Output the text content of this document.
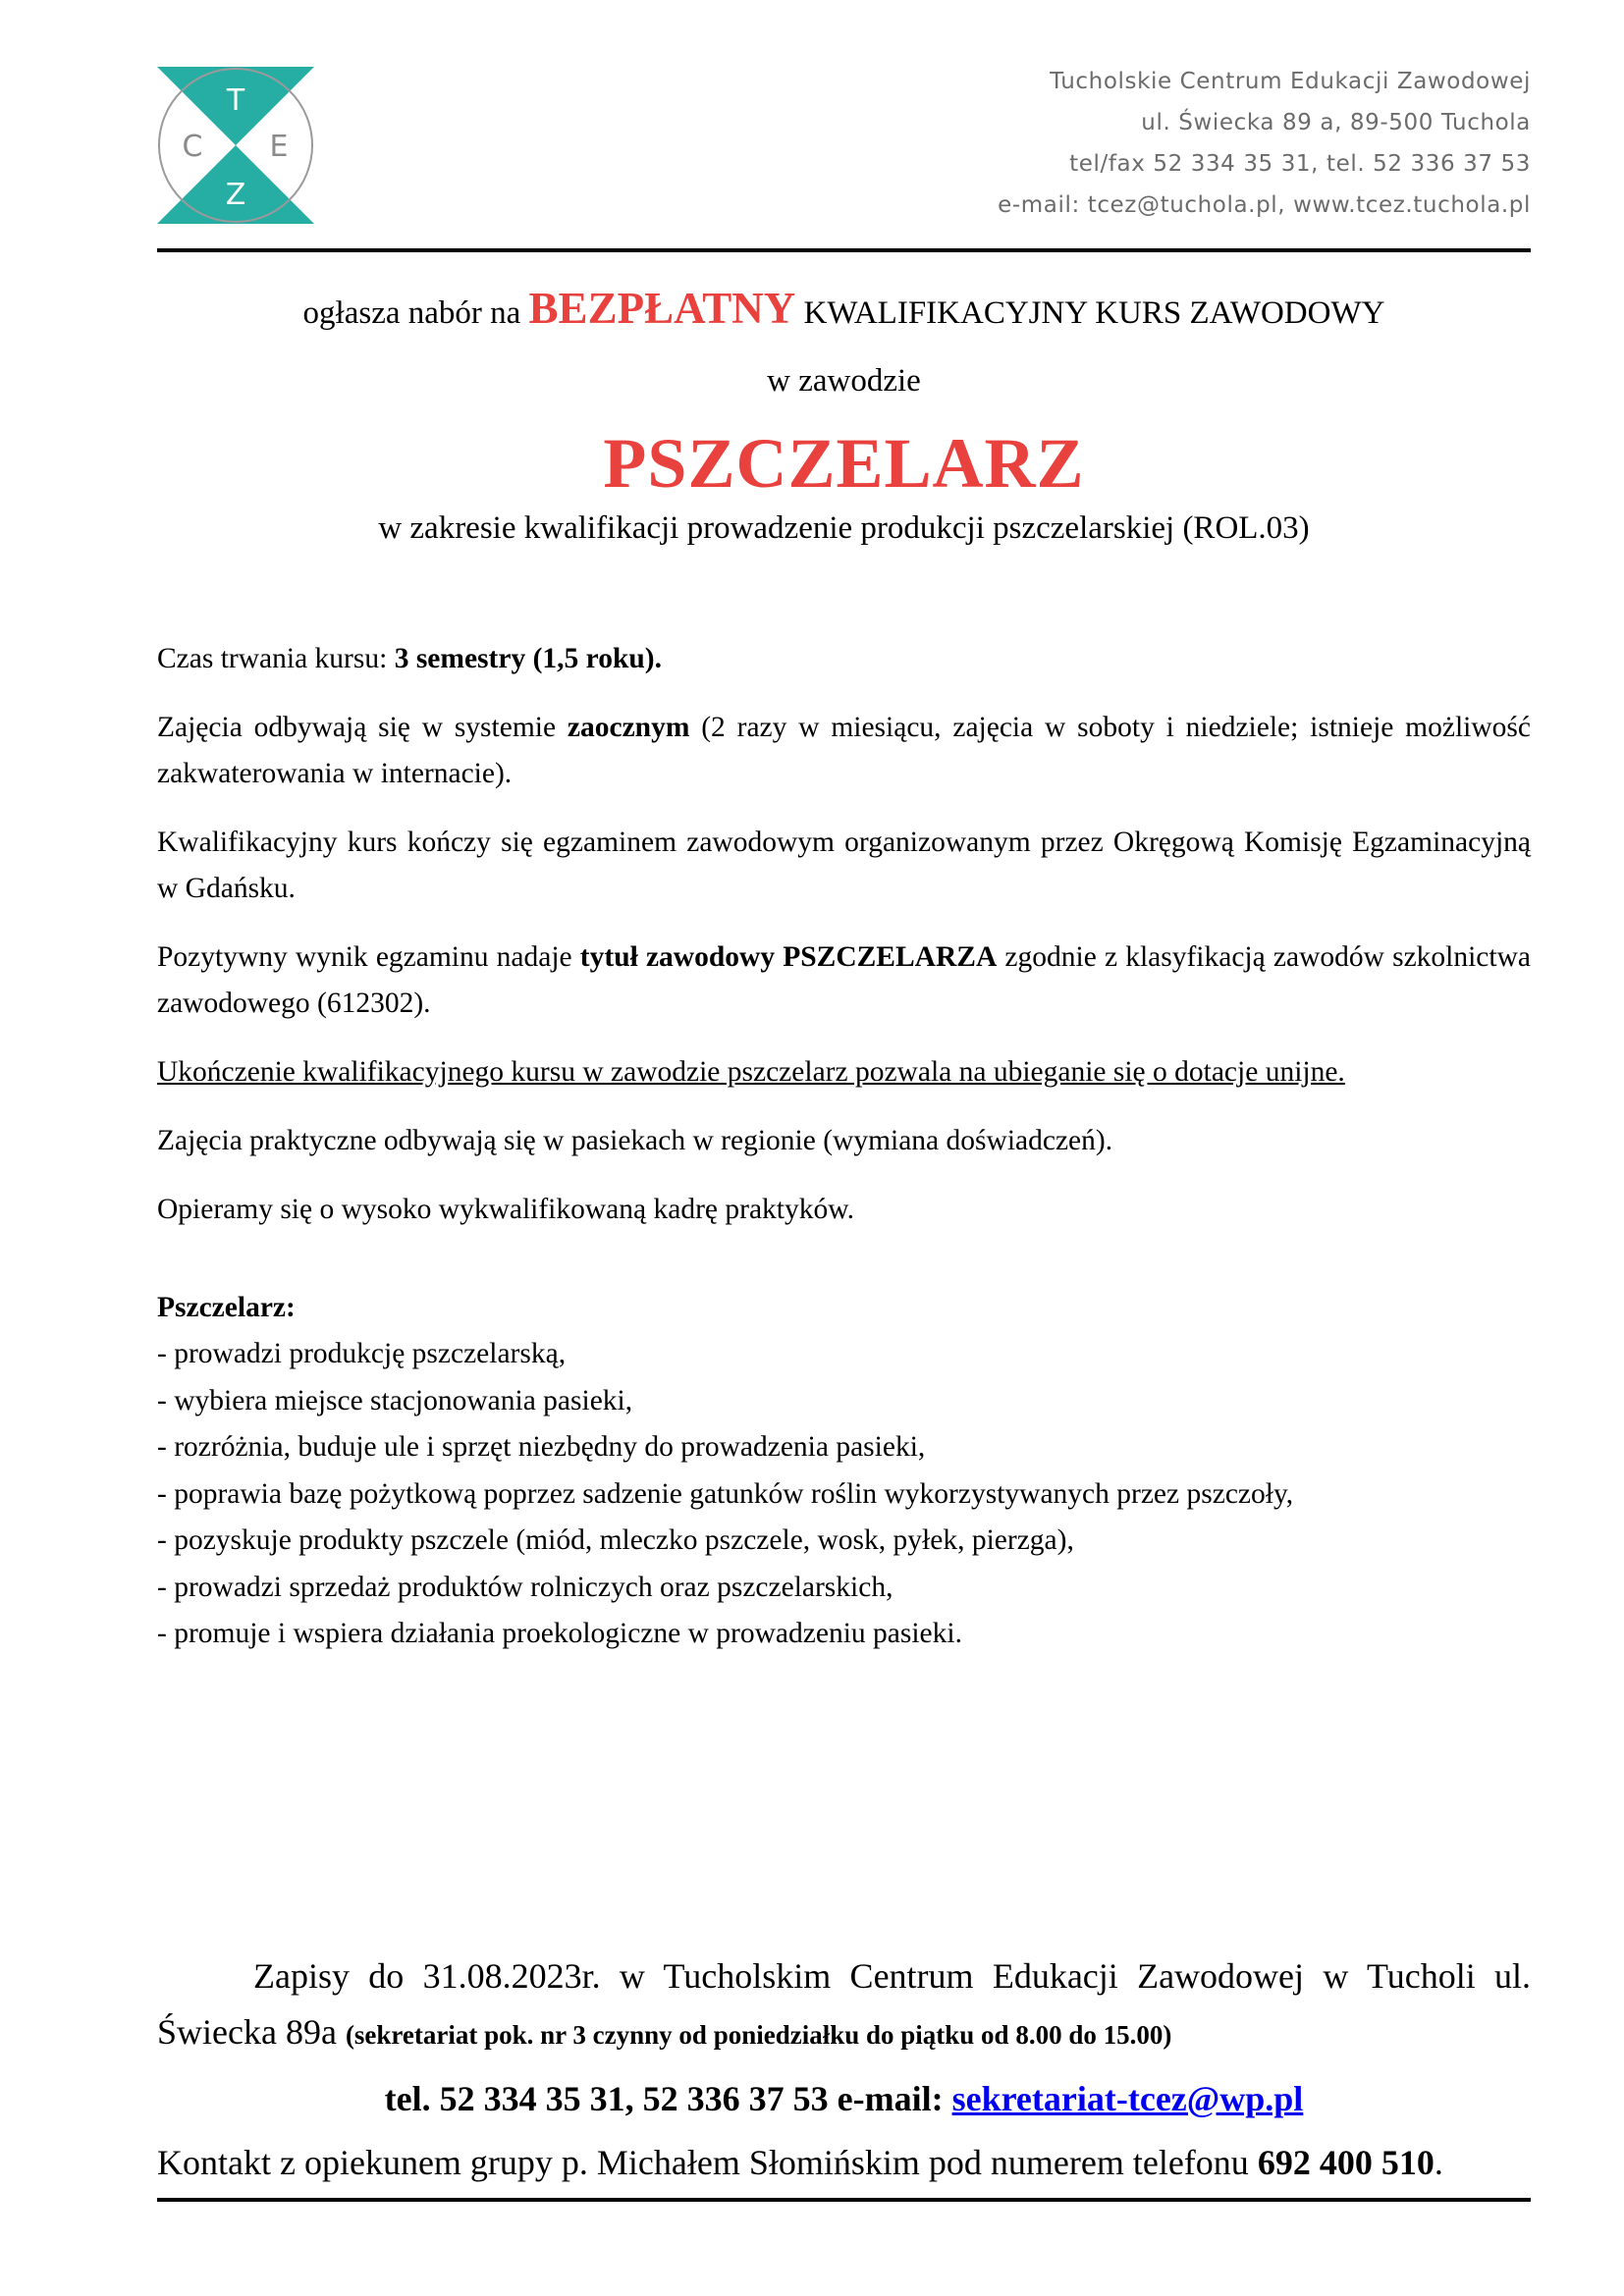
T
C E
Z
Tucholskie Centrum Edukacji Zawodowej
ul. Świecka 89 a, 89-500 Tuchola
tel/fax 52 334 35 31, tel. 52 336 37 53
e-mail: tcez@tuchola.pl, www.tcez.tuchola.pl
ogłasza nabór na BEZPŁATNY KWALIFIKACYJNY KURS ZAWODOWY
w zawodzie
PSZCZELARZ
w zakresie kwalifikacji prowadzenie produkcji pszczelarskiej (ROL.03)

Czas trwania kursu: 3 semestry (1,5 roku).

Zajęcia odbywają się w systemie zaocznym (2 razy w miesiącu, zajęcia w soboty i niedziele; istnieje możliwość zakwaterowania w internacie).

Kwalifikacyjny kurs kończy się egzaminem zawodowym organizowanym przez Okręgową Komisję Egzaminacyjną w Gdańsku.

Pozytywny wynik egzaminu nadaje tytuł zawodowy PSZCZELARZA zgodnie z klasyfikacją zawodów szkolnictwa zawodowego (612302).

Ukończenie kwalifikacyjnego kursu w zawodzie pszczelarz pozwala na ubieganie się o dotacje unijne.

Zajęcia praktyczne odbywają się w pasiekach w regionie (wymiana doświadczeń).

Opieramy się o wysoko wykwalifikowaną kadrę praktyków.

Pszczelarz:

- prowadzi produkcję pszczelarską,
- wybiera miejsce stacjonowania pasieki,
- rozróżnia, buduje ule i sprzęt niezbędny do prowadzenia pasieki,
- poprawia bazę pożytkową poprzez sadzenie gatunków roślin wykorzystywanych przez pszczoły,
- pozyskuje produkty pszczele (miód, mleczko pszczele, wosk, pyłek, pierzga),
- prowadzi sprzedaż produktów rolniczych oraz pszczelarskich,
- promuje i wspiera działania proekologiczne w prowadzeniu pasieki.

Zapisy do 31.08.2023r. w Tucholskim Centrum Edukacji Zawodowej w Tucholi ul. Świecka 89a (sekretariat pok. nr 3 czynny od poniedziałku do piątku od 8.00 do 15.00)

tel. 52 334 35 31, 52 336 37 53 e-mail: sekretariat-tcez@wp.pl

Kontakt z opiekunem grupy p. Michałem Słomińskim pod numerem telefonu 692 400 510.
